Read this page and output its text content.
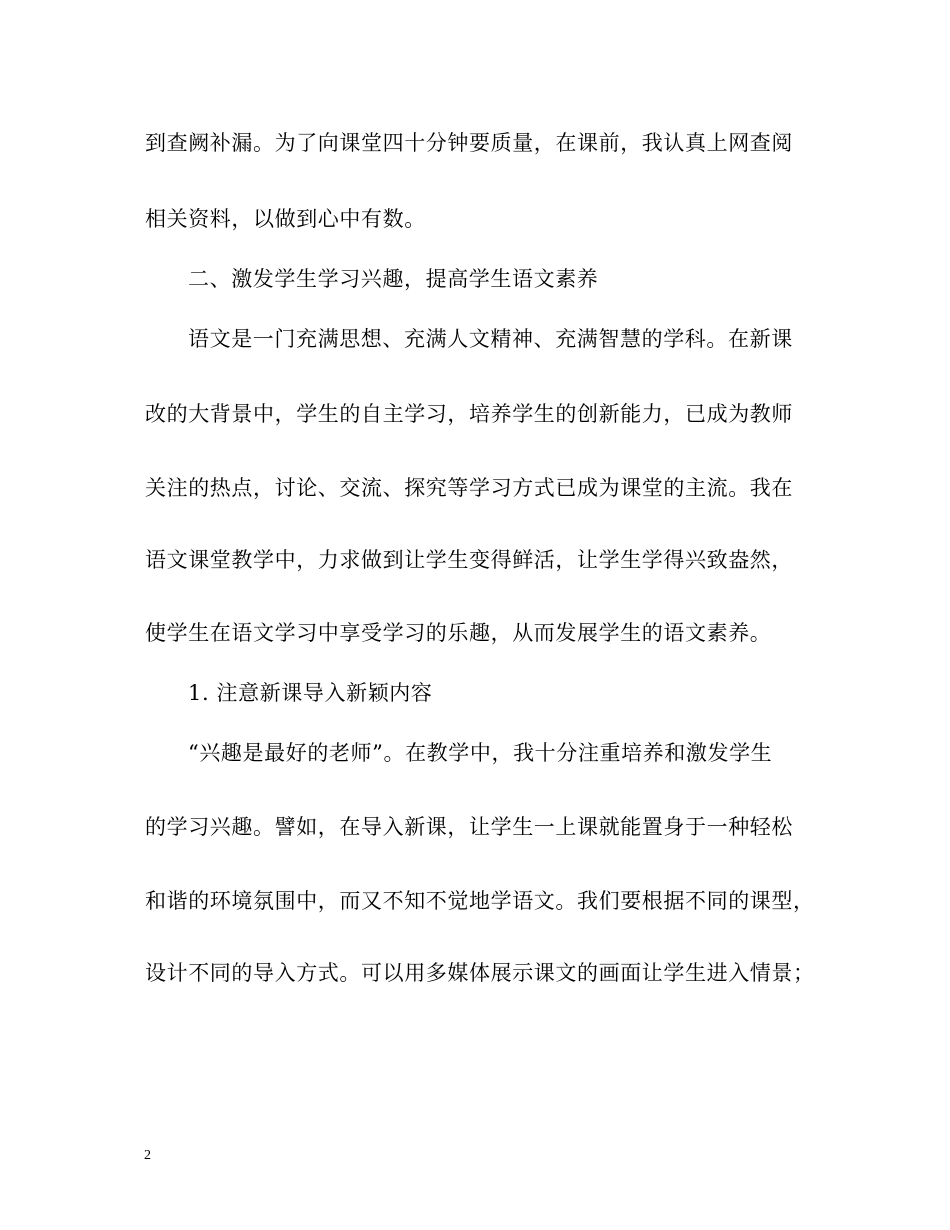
到查阙补漏。为了向课堂四十分钟要质量，在课前，我认真上网查阅
相关资料，以做到心中有数。
二、激发学生学习兴趣，提高学生语文素养
语文是一门充满思想、充满人文精神、充满智慧的学科。在新课
改的大背景中，学生的自主学习，培养学生的创新能力，已成为教师
关注的热点，讨论、交流、探究等学习方式已成为课堂的主流。我在
语文课堂教学中，力求做到让学生变得鲜活，让学生学得兴致盎然，
使学生在语文学习中享受学习的乐趣，从而发展学生的语文素养。
1. 注意新课导入新颖内容
“兴趣是最好的老师”。在教学中，我十分注重培养和激发学生
的学习兴趣。譬如，在导入新课，让学生一上课就能置身于一种轻松
和谐的环境氛围中，而又不知不觉地学语文。我们要根据不同的课型，
设计不同的导入方式。可以用多媒体展示课文的画面让学生进入情景；
2
